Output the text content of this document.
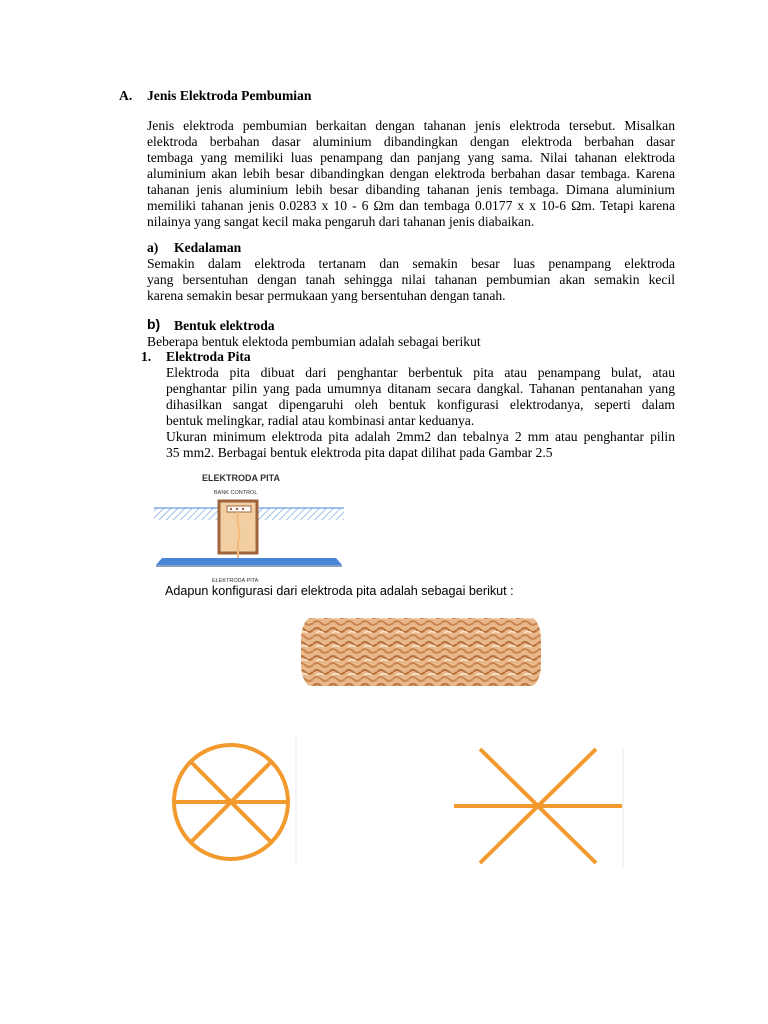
A. Jenis Elektroda Pembumian
Jenis elektroda pembumian berkaitan dengan tahanan jenis elektroda tersebut. Misalkan
elektroda berbahan dasar aluminium dibandingkan dengan elektroda berbahan dasar
tembaga yang memiliki luas penampang dan panjang yang sama. Nilai tahanan elektroda
aluminium akan lebih besar dibandingkan dengan elektroda berbahan dasar tembaga. Karena
tahanan jenis aluminium lebih besar dibanding tahanan jenis tembaga. Dimana aluminium
memiliki tahanan jenis 0.0283 x 10 - 6 Ωm dan tembaga 0.0177 x x 10-6 Ωm. Tetapi karena
nilainya yang sangat kecil maka pengaruh dari tahanan jenis diabaikan.
a) Kedalaman
Semakin dalam elektroda tertanam dan semakin besar luas penampang elektroda
yang bersentuhan dengan tanah sehingga nilai tahanan pembumian akan semakin kecil
karena semakin besar permukaan yang bersentuhan dengan tanah.
b) Bentuk elektroda
Beberapa bentuk elektoda pembumian adalah sebagai berikut
1. Elektroda Pita
Elektroda pita dibuat dari penghantar berbentuk pita atau penampang bulat, atau
penghantar pilin yang pada umumnya ditanam secara dangkal. Tahanan pentanahan yang
dihasilkan sangat dipengaruhi oleh bentuk konfigurasi elektrodanya, seperti dalam
bentuk melingkar, radial atau kombinasi antar keduanya.
Ukuran minimum elektroda pita adalah 2mm2 dan tebalnya 2 mm atau penghantar pilin
35 mm2. Berbagai bentuk elektroda pita dapat dilihat pada Gambar 2.5
ELEKTRODA PITA
BANK CONTROL
ELEKTRODA PITA
Adapun konfigurasi dari elektroda pita adalah sebagai berikut :
